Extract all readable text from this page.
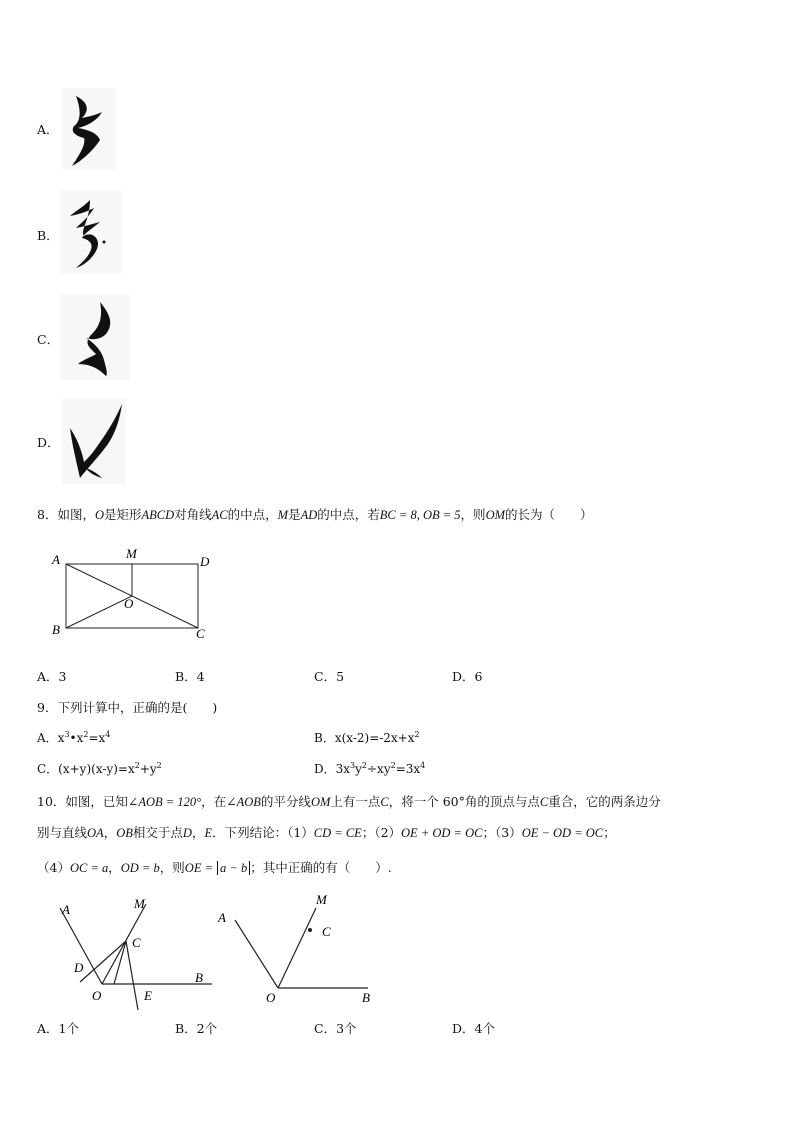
A．
B．
C．
D．
8．如图，O是矩形ABCD对角线AC的中点，M是AD的中点，若BC = 8, OB = 5，则OM的长为（　　）
A	M
D
O
B	C
A．3	B．4	C．5	D．6
9．下列计算中，正确的是(　　)
A．$x^3•x^2=x^4$	B．$x(x-2)=-2x+x^2$
C．$(x+y)(x-y)=x^2+y^2$	D．$3x^3y^2\div xy^2=3x^4$
10．如图，已知∠AOB = 120°，在∠AOB的平分线OM上有一点C，将一个 60°角的顶点与点C重合，它的两条边分
别与直线OA，OB相交于点D，E．下列结论：（1）CD = CE；（2）OE + OD = OC；（3）OE − OD = OC；
（4）OC = a，OD = b，则OE = a − b ；其中正确的有（　　）.
A	M
C
D
B
O	E
A
M
C
O	B
A．1个	B．2个	C．3个	D．4个
